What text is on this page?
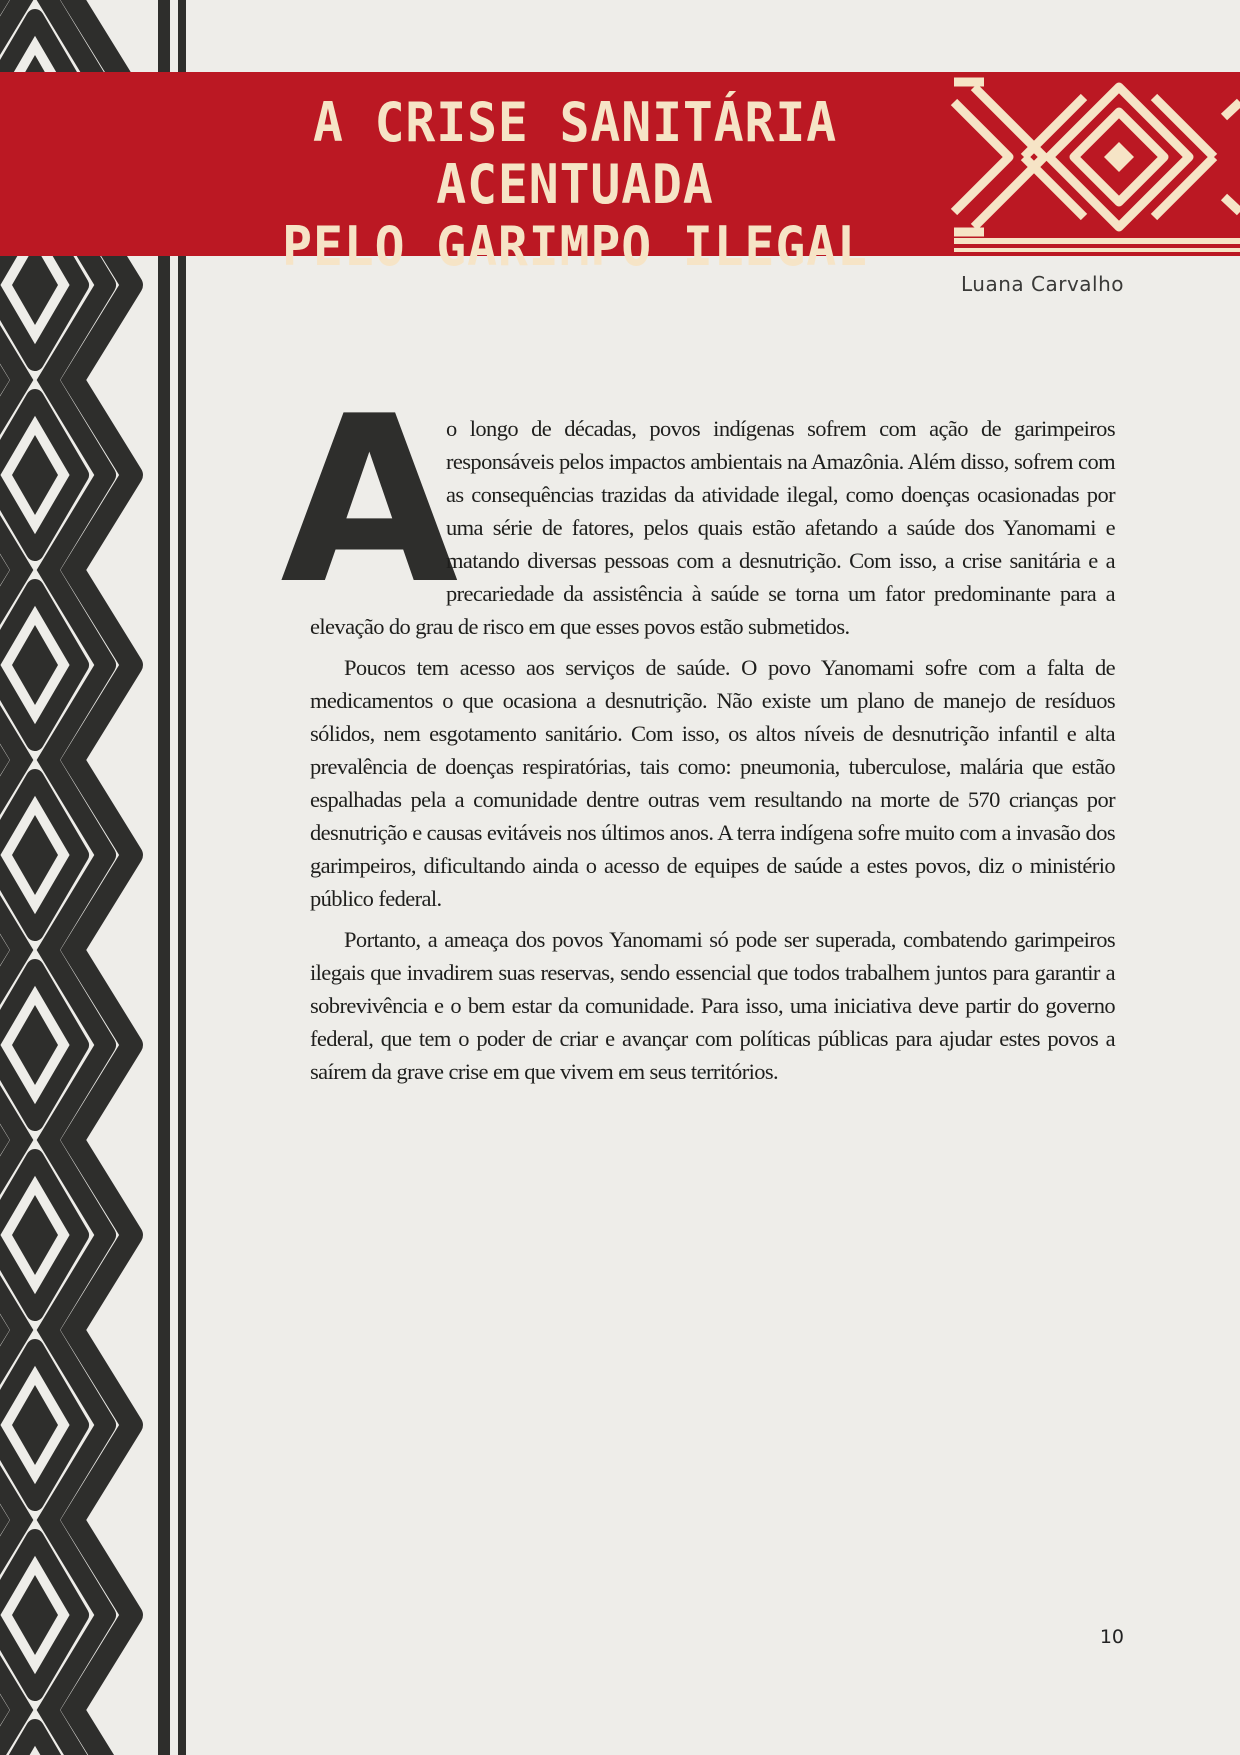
A CRISE SANITÁRIA ACENTUADA
PELO GARIMPO ILEGAL
Luana Carvalho
A

o longo de décadas, povos indígenas sofrem com ação de garimpeiros responsáveis pelos impactos ambientais na Amazônia. Além disso, sofrem com as consequências trazidas da atividade ilegal, como doenças ocasionadas por uma série de fatores, pelos quais estão afetando a saúde dos Yanomami e matando diversas pessoas com a desnutrição. Com isso, a crise sanitária e a precariedade da assistência à saúde se torna um fator predominante para a elevação do grau de risco em que esses povos estão submetidos.

Poucos tem acesso aos serviços de saúde. O povo Yanomami sofre com a falta de medicamentos o que ocasiona a desnutrição. Não existe um plano de manejo de resíduos sólidos, nem esgotamento sanitário. Com isso, os altos níveis de desnutrição infantil e alta prevalência de doenças respiratórias, tais como: pneumonia, tuberculose, malária que estão espalhadas pela a comunidade dentre outras vem resultando na morte de 570 crianças por desnutrição e causas evitáveis nos últimos anos. A terra indígena sofre muito com a invasão dos garimpeiros, dificultando ainda o acesso de equipes de saúde a estes povos, diz o ministério público federal.

Portanto, a ameaça dos povos Yanomami só pode ser superada, combatendo garimpeiros ilegais que invadirem suas reservas, sendo essencial que todos trabalhem juntos para garantir a sobrevivência e o bem estar da comunidade. Para isso, uma iniciativa deve partir do governo federal, que tem o poder de criar e avançar com políticas públicas para ajudar estes povos a saírem da grave crise em que vivem em seus territórios.

10
